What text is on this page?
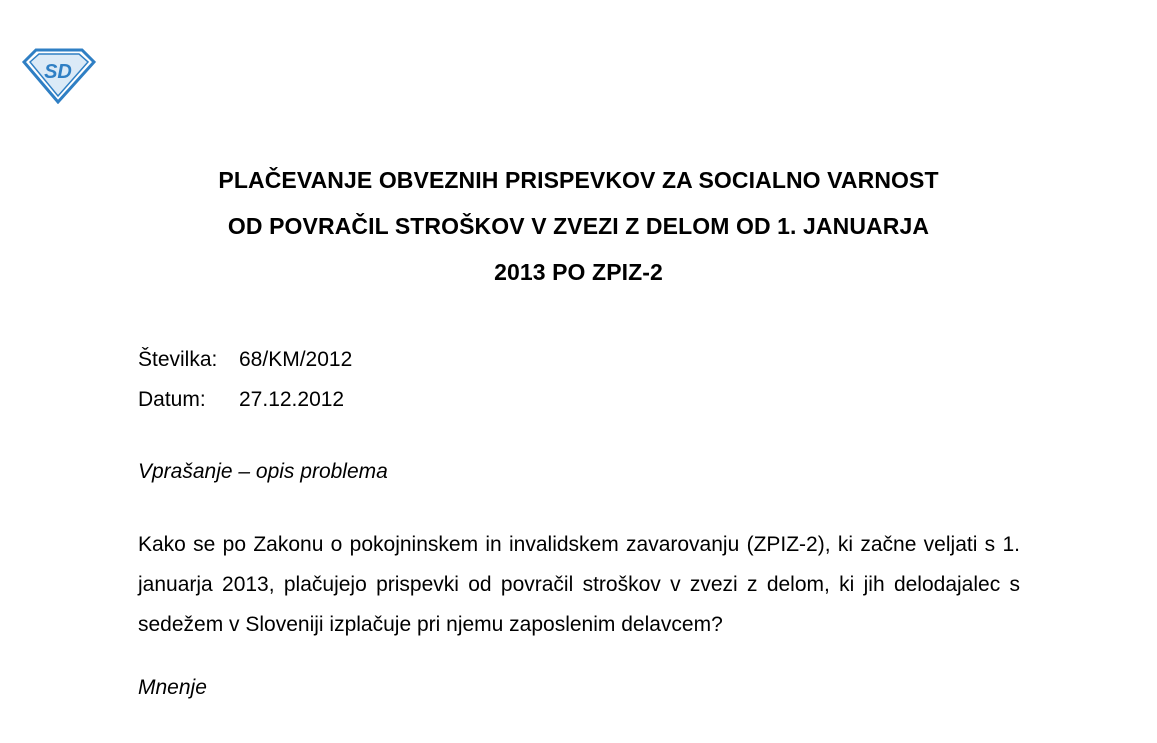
SD
PLAČEVANJE OBVEZNIH PRISPEVKOV ZA SOCIALNO VARNOST
OD POVRAČIL STROŠKOV V ZVEZI Z DELOM OD 1. JANUARJA
2013 PO ZPIZ-2
Številka:	68/KM/2012
Datum:	27.12.2012
Vprašanje – opis problema
Kako se po Zakonu o pokojninskem in invalidskem zavarovanju (ZPIZ-2), ki začne veljati s 1. januarja 2013, plačujejo prispevki od povračil stroškov v zvezi z delom, ki jih delodajalec s sedežem v Sloveniji izplačuje pri njemu zaposlenim delavcem?
Mnenje
